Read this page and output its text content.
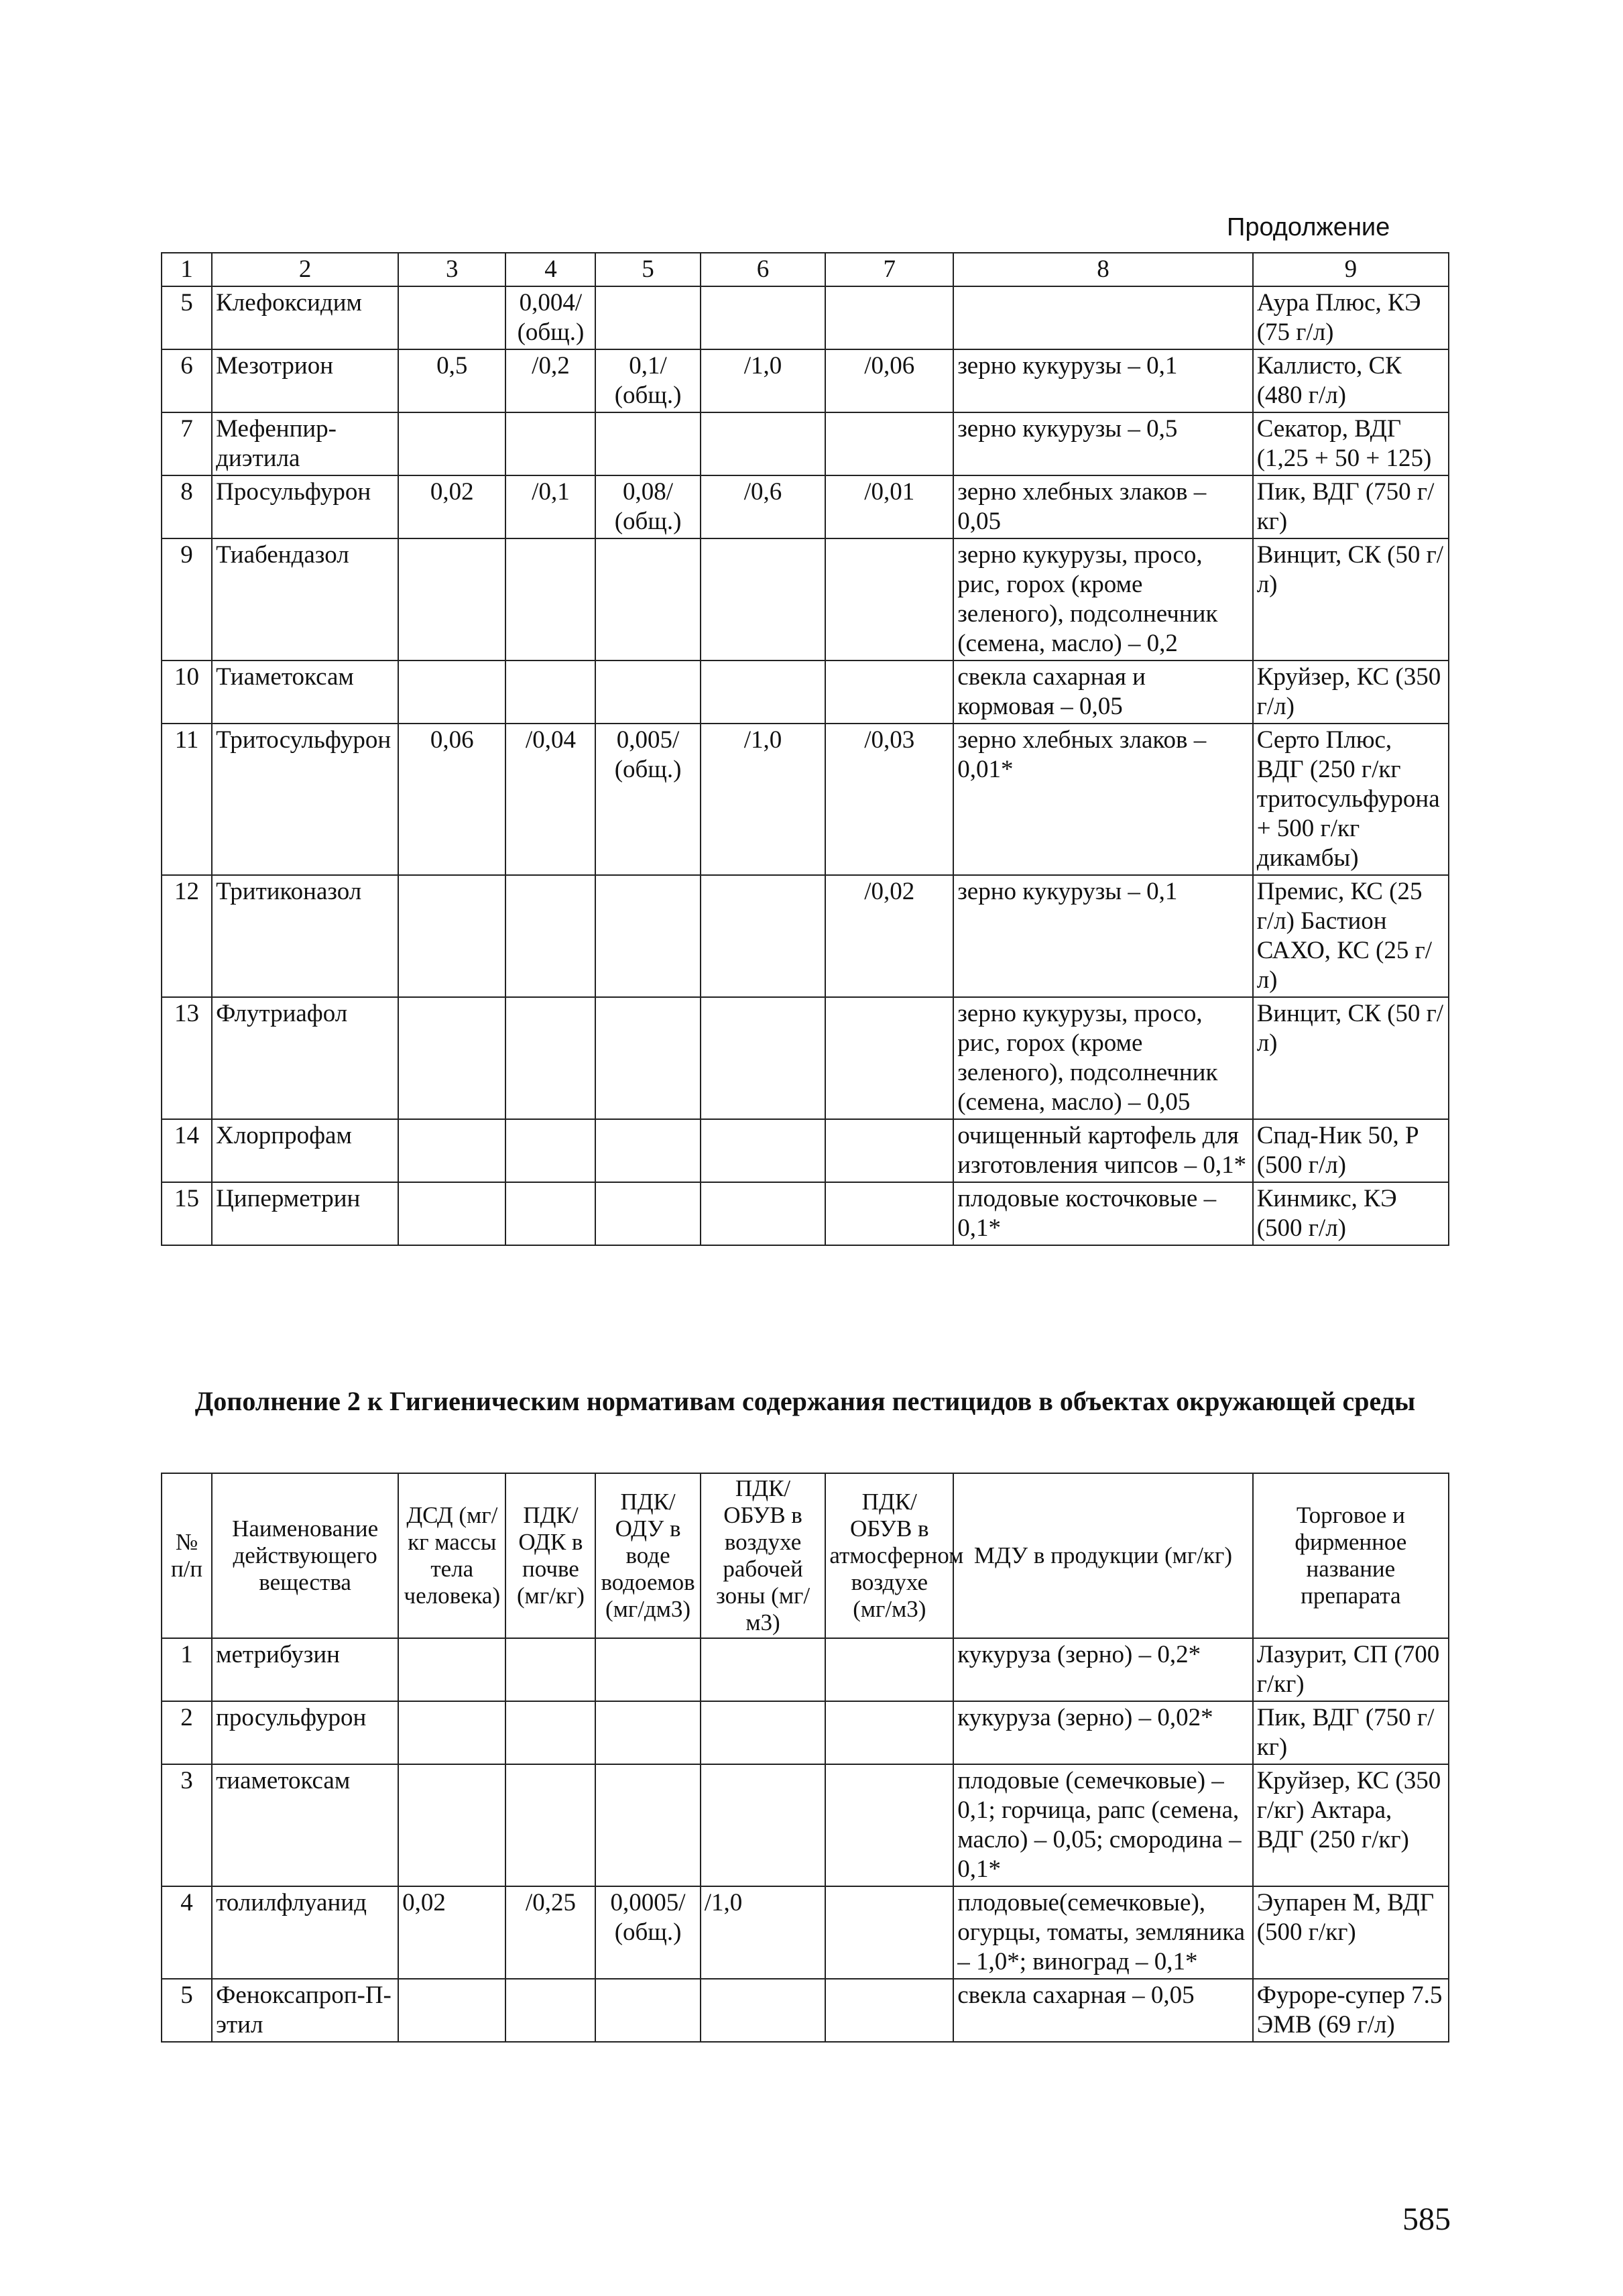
Продолжение
1	2	3	4	5	6	7	8	9
5	Клефоксидим		0,004/ (общ.)					Аура Плюс, КЭ (75 г/л)
6	Мезотрион	0,5	/0,2	0,1/ (общ.)	/1,0	/0,06	зерно кукурузы – 0,1	Каллисто, СК (480 г/л)
7	Мефенпир-диэтила						зерно кукурузы – 0,5	Секатор, ВДГ (1,25 + 50 + 125)
8	Просульфурон	0,02	/0,1	0,08/ (общ.)	/0,6	/0,01	зерно хлебных злаков – 0,05	Пик, ВДГ (750 г/кг)
9	Тиабендазол						зерно кукурузы, просо, рис, горох (кроме зеленого), подсолнечник (семена, масло) – 0,2	Винцит, СК (50 г/л)
10	Тиаметоксам						свекла сахарная и кормовая – 0,05	Круйзер, КС (350 г/л)
11	Тритосульфурон	0,06	/0,04	0,005/ (общ.)	/1,0	/0,03	зерно хлебных злаков – 0,01*	Серто Плюс, ВДГ (250 г/кг тритосульфурона + 500 г/кг дикамбы)
12	Тритиконазол					/0,02	зерно кукурузы – 0,1	Премис, КС (25 г/л) Бастион САХО, КС (25 г/л)
13	Флутриафол						зерно кукурузы, просо, рис, горох (кроме зеленого), подсолнечник (семена, масло) – 0,05	Винцит, СК (50 г/л)
14	Хлорпрофам						очищенный картофель для изготовления чипсов – 0,1*	Спад-Ник 50, Р (500 г/л)
15	Циперметрин						плодовые косточковые – 0,1*	Кинмикс, КЭ (500 г/л)
Дополнение 2 к Гигиеническим нормативам содержания пестицидов в объектах окружающей среды
№ п/п	Наименование действующего вещества	ДСД (мг/кг массы тела человека)	ПДК/ ОДК в почве (мг/кг)	ПДК/ ОДУ в воде водоемов (мг/дм3)	ПДК/ ОБУВ в воздухе рабочей зоны (мг/м3)	ПДК/ ОБУВ в атмосферном воздухе (мг/м3)	МДУ в продукции (мг/кг)	Торговое и фирменное название препарата
1	метрибузин						кукуруза (зерно) – 0,2*	Лазурит, СП (700 г/кг)
2	просульфурон						кукуруза (зерно) – 0,02*	Пик, ВДГ (750 г/ кг)
3	тиаметоксам						плодовые (семечковые) – 0,1; горчица, рапс (семена, масло) – 0,05; смородина – 0,1*	Круйзер, КС (350 г/кг) Актара, ВДГ (250 г/кг)
4	толилфлуанид	0,02	/0,25	0,0005/ (общ.)	/1,0		плодовые(семечковые), огурцы, томаты, земляника – 1,0*; виноград – 0,1*	Эупарен М, ВДГ (500 г/кг)
5	Феноксапроп-П-этил						свекла сахарная – 0,05	Фуроре-супер 7.5 ЭМВ (69 г/л)
585
